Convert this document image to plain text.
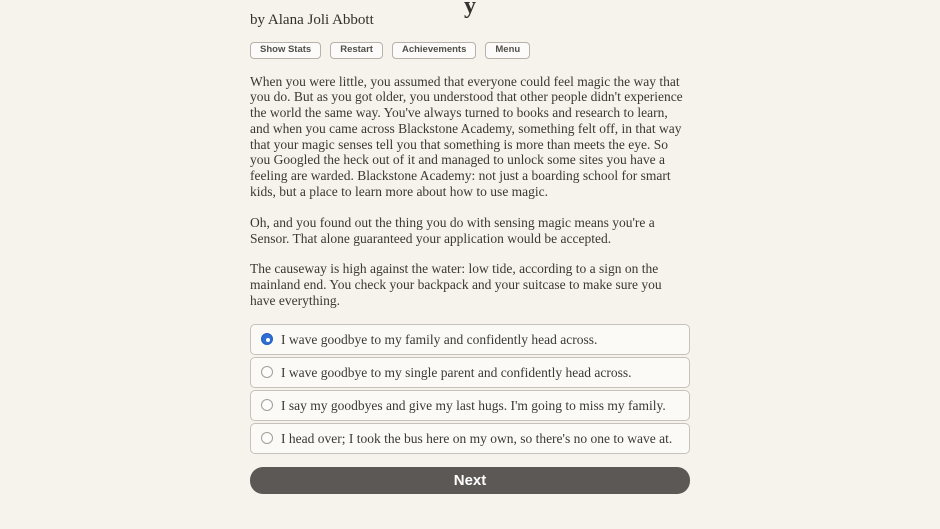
y
by Alana Joli Abbott
Show Stats	Restart	Achievements	Menu

When you were little, you assumed that everyone could feel magic the way that you do. But as you got older, you understood that other people didn't experience the world the same way. You've always turned to books and research to learn, and when you came across Blackstone Academy, something felt off, in that way that your magic senses tell you that something is more than meets the eye. So you Googled the heck out of it and managed to unlock some sites you have a feeling are warded. Blackstone Academy: not just a boarding school for smart kids, but a place to learn more about how to use magic.

Oh, and you found out the thing you do with sensing magic means you're a Sensor. That alone guaranteed your application would be accepted.

The causeway is high against the water: low tide, according to a sign on the mainland end. You check your backpack and your suitcase to make sure you have everything.

I wave goodbye to my family and confidently head across.
I wave goodbye to my single parent and confidently head across.
I say my goodbyes and give my last hugs. I'm going to miss my family.
I head over; I took the bus here on my own, so there's no one to wave at.
Next
